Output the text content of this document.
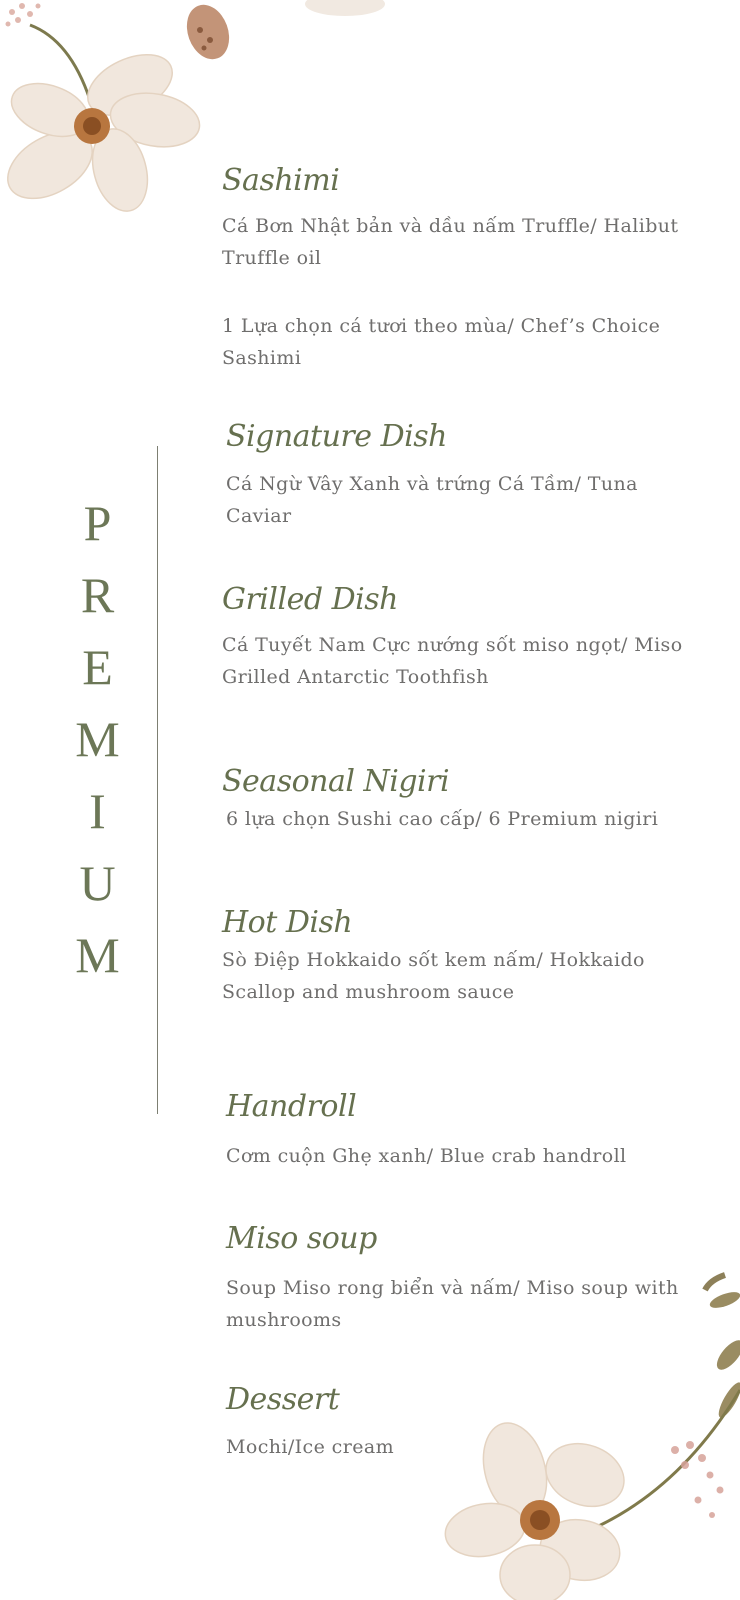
P
R
E
M
I
U
M
Sashimi
Cá Bơn Nhật bản và dầu nấm Truffle/ Halibut Truffle oil
1 Lựa chọn cá tươi theo mùa/ Chef’s Choice Sashimi
Signature Dish
Cá Ngừ Vây Xanh và trứng Cá Tầm/ Tuna Caviar
Grilled Dish
Cá Tuyết Nam Cực nướng sốt miso ngọt/ Miso Grilled Antarctic Toothfish
Seasonal Nigiri
6 lựa chọn Sushi cao cấp/ 6 Premium nigiri
Hot Dish
Sò Điệp Hokkaido sốt kem nấm/ Hokkaido Scallop and mushroom sauce
Handroll
Cơm cuộn Ghẹ xanh/ Blue crab handroll
Miso soup
Soup Miso rong biển và nấm/ Miso soup with mushrooms
Dessert
Mochi/Ice cream
